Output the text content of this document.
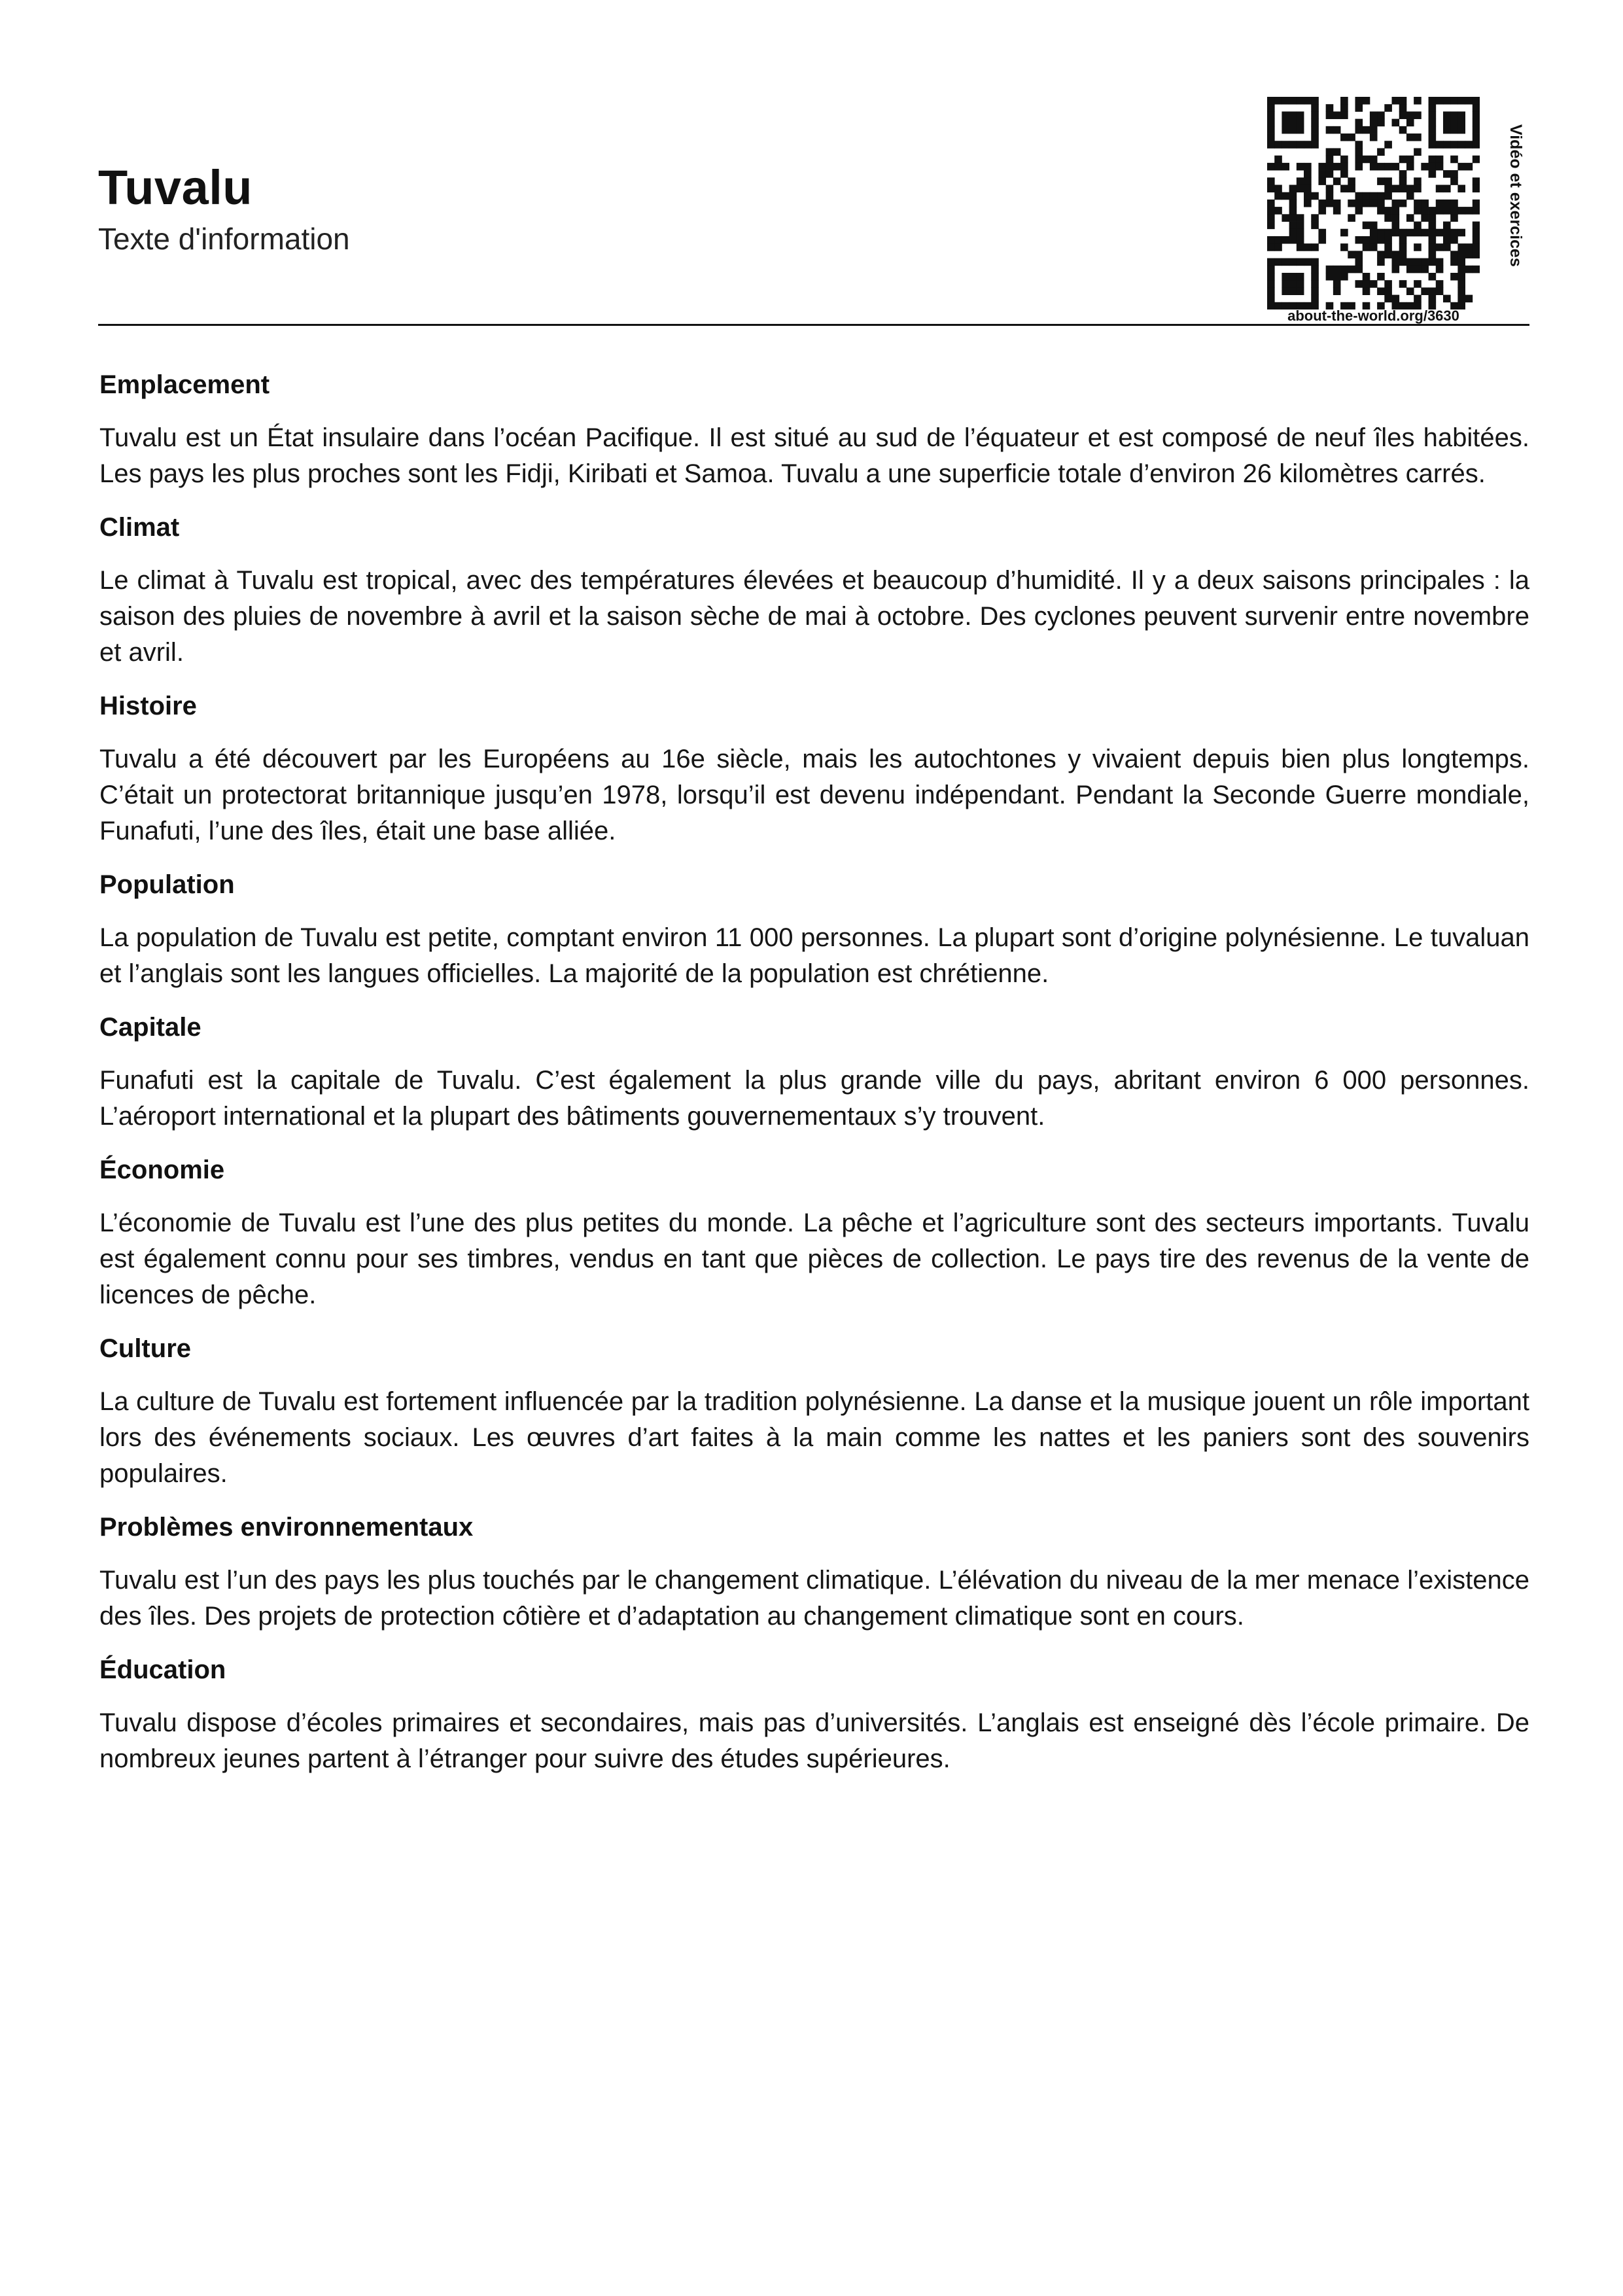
Tuvalu
Texte d'information
about-the-world.org/3630
Vidéo et exercices
Emplacement

Tuvalu est un État insulaire dans l’océan Pacifique. Il est situé au sud de l’équateur et est composé de neuf îles habitées. Les pays les plus proches sont les Fidji, Kiribati et Samoa. Tuvalu a une superficie totale d’environ 26 kilomètres carrés.

Climat

Le climat à Tuvalu est tropical, avec des températures élevées et beaucoup d’humidité. Il y a deux saisons principales : la saison des pluies de novembre à avril et la saison sèche de mai à octobre. Des cyclones peuvent survenir entre novembre et avril.

Histoire

Tuvalu a été découvert par les Européens au 16e siècle, mais les autochtones y vivaient depuis bien plus longtemps. C’était un protectorat britannique jusqu’en 1978, lorsqu’il est devenu indépendant. Pendant la Seconde Guerre mondiale, Funafuti, l’une des îles, était une base alliée.

Population

La population de Tuvalu est petite, comptant environ 11 000 personnes. La plupart sont d’origine polynésienne. Le tuvaluan et l’anglais sont les langues officielles. La majorité de la population est chrétienne.

Capitale

Funafuti est la capitale de Tuvalu. C’est également la plus grande ville du pays, abritant environ 6 000 personnes. L’aéroport international et la plupart des bâtiments gouvernementaux s’y trouvent.

Économie

L’économie de Tuvalu est l’une des plus petites du monde. La pêche et l’agriculture sont des secteurs importants. Tuvalu est également connu pour ses timbres, vendus en tant que pièces de collection. Le pays tire des revenus de la vente de licences de pêche.

Culture

La culture de Tuvalu est fortement influencée par la tradition polynésienne. La danse et la musique jouent un rôle important lors des événements sociaux. Les œuvres d’art faites à la main comme les nattes et les paniers sont des souvenirs populaires.

Problèmes environnementaux

Tuvalu est l’un des pays les plus touchés par le changement climatique. L’élévation du niveau de la mer menace l’existence des îles. Des projets de protection côtière et d’adaptation au changement climatique sont en cours.

Éducation

Tuvalu dispose d’écoles primaires et secondaires, mais pas d’universités. L’anglais est enseigné dès l’école primaire. De nombreux jeunes partent à l’étranger pour suivre des études supérieures.
